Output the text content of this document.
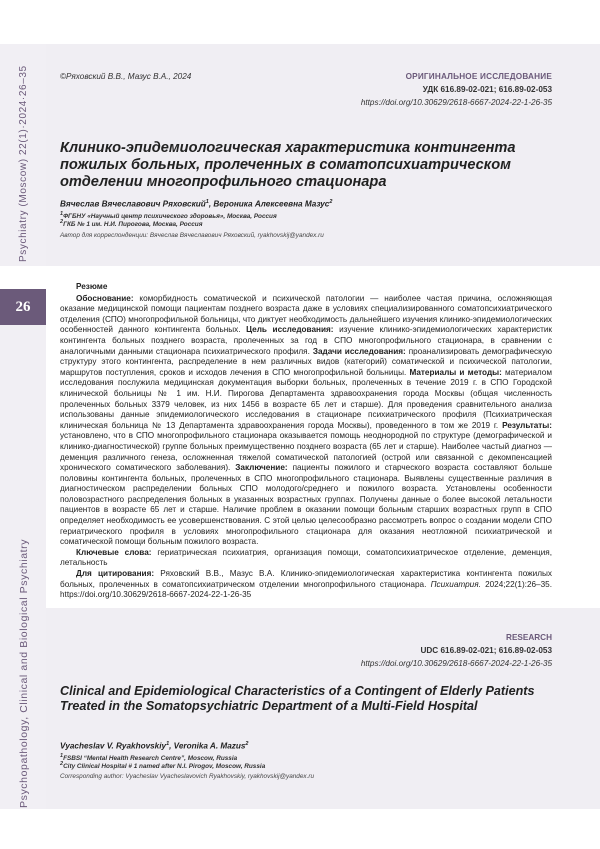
Psychiatry (Moscow) 22(1)·2024·26–35
26
Psychopathology, Clinical and Biological Psychiatry
©Ряховский В.В., Мазус В.А., 2024	ОРИГИНАЛЬНОЕ ИССЛЕДОВАНИЕ
УДК 616.89-02-021; 616.89-02-053
https://doi.org/10.30629/2618-6667-2024-22-1-26-35
Клинико-эпидемиологическая характеристика контингента пожилых больных, пролеченных в соматопсихиатрическом отделении многопрофильного стационара
Вячеслав Вячеславович Ряховский$^1$, Вероника Алексеевна Мазус$^2$
$^1$ФГБНУ «Научный центр психического здоровья», Москва, Россия
$^2$ГКБ № 1 им. Н.И. Пирогова, Москва, Россия
Автор для корреспонденции: Вячеслав Вячеславович Ряховский, ryakhovskij@yandex.ru
Резюме

Обоснование: коморбидность соматической и психической патологии — наиболее частая причина, осложняющая оказание медицинской помощи пациентам позднего возраста даже в условиях специализированного соматопсихиатрического отделения (СПО) многопрофильной больницы, что диктует необходимость дальнейшего изучения клинико-эпидемиологических особенностей данного контингента больных. Цель исследования: изучение клинико-эпидемиологических характеристик контингента больных позднего возраста, пролеченных за год в СПО многопрофильного стационара, в сравнении с аналогичными данными стационара психиатрического профиля. Задачи исследования: проанализировать демографическую структуру этого контингента, распределение в нем различных видов (категорий) соматической и психической патологии, маршрутов поступления, сроков и исходов лечения в СПО многопрофильной больницы. Материалы и методы: материалом исследования послужила медицинская документация выборки больных, пролеченных в течение 2019 г. в СПО Городской клинической больницы № 1 им. Н.И. Пирогова Департамента здравоохранения города Москвы (общая численность пролеченных больных 3379 человек, из них 1456 в возрасте 65 лет и старше). Для проведения сравнительного анализа использованы данные эпидемиологического исследования в стационаре психиатрического профиля (Психиатрическая клиническая больница № 13 Департамента здравоохранения города Москвы), проведенного в том же 2019 г. Результаты: установлено, что в СПО многопрофильного стационара оказывается помощь неоднородной по структуре (демографической и клинико-диагностической) группе больных преимущественно позднего возраста (65 лет и старше). Наиболее частый диагноз — деменция различного генеза, осложненная тяжелой соматической патологией (острой или связанной с декомпенсацией хронического соматического заболевания). Заключение: пациенты пожилого и старческого возраста составляют больше половины контингента больных, пролеченных в СПО многопрофильного стационара. Выявлены существенные различия в диагностическом распределении больных СПО молодого/среднего и пожилого возраста. Установлены особенности половозрастного распределения больных в указанных возрастных группах. Получены данные о более высокой летальности пациентов в возрасте 65 лет и старше. Наличие проблем в оказании помощи больным старших возрастных групп в СПО определяет необходимость ее усовершенствования. С этой целью целесообразно рассмотреть вопрос о создании модели СПО гериатрического профиля в условиях многопрофильного стационара для оказания неотложной психиатрической и соматической помощи больным пожилого возраста.

Ключевые слова: гериатрическая психиатрия, организация помощи, соматопсихиатрическое отделение, деменция, летальность

Для цитирования: Ряховский В.В., Мазус В.А. Клинико-эпидемиологическая характеристика контингента пожилых больных, пролеченных в соматопсихиатрическом отделении многопрофильного стационара. Психиатрия. 2024;22(1):26–35. https://doi.org/10.30629/2618-6667-2024-22-1-26-35

RESEARCH
UDC 616.89-02-021; 616.89-02-053
https://doi.org/10.30629/2618-6667-2024-22-1-26-35
Clinical and Epidemiological Characteristics of a Contingent of Elderly Patients Treated in the Somatopsychiatric Department of a Multi-Field Hospital
Vyacheslav V. Ryakhovskiy$^1$, Veronika A. Mazus$^2$
$^1$FSBSI “Mental Health Research Centre”, Moscow, Russia
$^2$City Clinical Hospital # 1 named after N.I. Pirogov, Moscow, Russia
Corresponding author: Vyacheslav Vyacheslavovich Ryakhovskiy, ryakhovskij@yandex.ru
